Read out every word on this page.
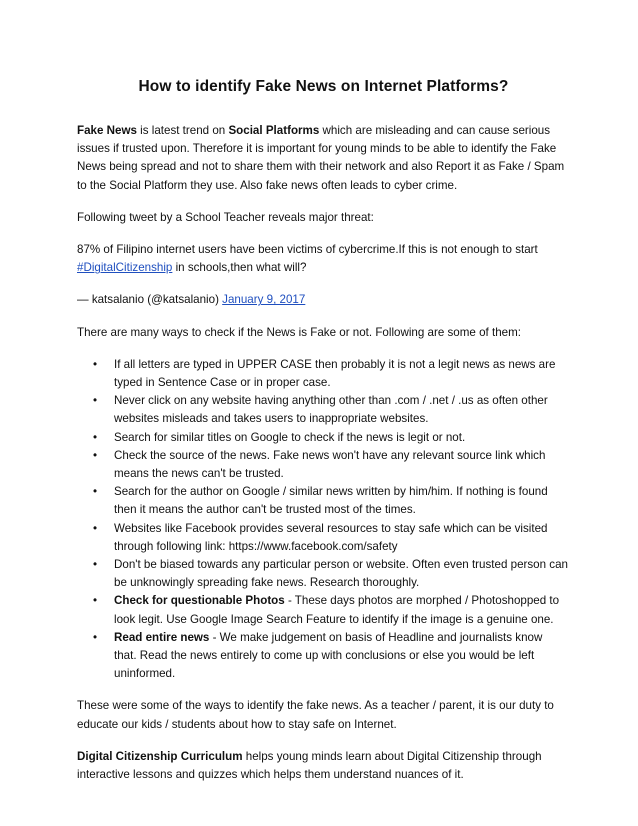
How to identify Fake News on Internet Platforms?

Fake News is latest trend on Social Platforms which are misleading and can cause serious issues if trusted upon. Therefore it is important for young minds to be able to identify the Fake News being spread and not to share them with their network and also Report it as Fake / Spam to the Social Platform they use. Also fake news often leads to cyber crime.

Following tweet by a School Teacher reveals major threat:

87% of Filipino internet users have been victims of cybercrime.If this is not enough to start #DigitalCitizenship in schools,then what will?

— katsalanio (@katsalanio) January 9, 2017

There are many ways to check if the News is Fake or not. Following are some of them:

• If all letters are typed in UPPER CASE then probably it is not a legit news as news are typed in Sentence Case or in proper case.
• Never click on any website having anything other than .com / .net / .us as often other websites misleads and takes users to inappropriate websites.
• Search for similar titles on Google to check if the news is legit or not.
• Check the source of the news. Fake news won't have any relevant source link which means the news can't be trusted.
• Search for the author on Google / similar news written by him/him. If nothing is found then it means the author can't be trusted most of the times.
• Websites like Facebook provides several resources to stay safe which can be visited through following link: https://www.facebook.com/safety
• Don't be biased towards any particular person or website. Often even trusted person can be unknowingly spreading fake news. Research thoroughly.
• Check for questionable Photos - These days photos are morphed / Photoshopped to look legit. Use Google Image Search Feature to identify if the image is a genuine one.
• Read entire news - We make judgement on basis of Headline and journalists know that. Read the news entirely to come up with conclusions or else you would be left uninformed.

These were some of the ways to identify the fake news. As a teacher / parent, it is our duty to educate our kids / students about how to stay safe on Internet.

Digital Citizenship Curriculum helps young minds learn about Digital Citizenship through interactive lessons and quizzes which helps them understand nuances of it.
